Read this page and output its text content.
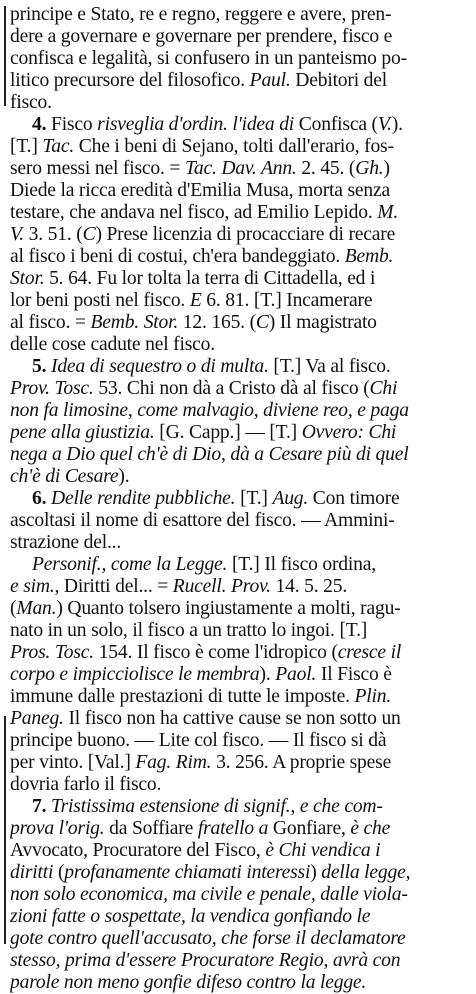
principe e Stato, re e regno, reggere e avere, pren-
dere a governare e governare per prendere, fisco e
confisca e legalità, si confusero in un panteismo po-
litico precursore del filosofico. Paul. Debitori del
fisco.
4. Fisco risveglia d'ordin. l'idea di Confisca (V.).
[T.] Tac. Che i beni di Sejano, tolti dall'erario, fos-
sero messi nel fisco. = Tac. Dav. Ann. 2. 45. (Gh.)
Diede la ricca eredità d'Emilia Musa, morta senza
testare, che andava nel fisco, ad Emilio Lepido. M.
V. 3. 51. (C) Prese licenzia di procacciare di recare
al fisco i beni di costui, ch'era bandeggiato. Bemb.
Stor. 5. 64. Fu lor tolta la terra di Cittadella, ed i
lor beni posti nel fisco. E 6. 81. [T.] Incamerare
al fisco. = Bemb. Stor. 12. 165. (C) Il magistrato
delle cose cadute nel fisco.
5. Idea di sequestro o di multa. [T.] Va al fisco.
Prov. Tosc. 53. Chi non dà a Cristo dà al fisco (Chi
non fa limosine, come malvagio, diviene reo, e paga
pene alla giustizia. [G. Capp.] — [T.] Ovvero: Chi
nega a Dio quel ch'è di Dio, dà a Cesare più di quel
ch'è di Cesare).
6. Delle rendite pubbliche. [T.] Aug. Con timore
ascoltasi il nome di esattore del fisco. — Ammini-
strazione del...
Personif., come la Legge. [T.] Il fisco ordina,
e sim., Diritti del... = Rucell. Prov. 14. 5. 25.
(Man.) Quanto tolsero ingiustamente a molti, ragu-
nato in un solo, il fisco a un tratto lo ingoi. [T.]
Pros. Tosc. 154. Il fisco è come l'idropico (cresce il
corpo e impicciolisce le membra). Paol. Il Fisco è
immune dalle prestazioni di tutte le imposte. Plin.
Paneg. Il fisco non ha cattive cause se non sotto un
principe buono. — Lite col fisco. — Il fisco si dà
per vinto. [Val.] Fag. Rim. 3. 256. A proprie spese
dovria farlo il fisco.
7. Tristissima estensione di signif., e che com-
prova l'orig. da Soffiare fratello a Gonfiare, è che
Avvocato, Procuratore del Fisco, è Chi vendica i
diritti (profanamente chiamati interessi) della legge,
non solo economica, ma civile e penale, dalle viola-
zioni fatte o sospettate, la vendica gonfiando le
gote contro quell'accusato, che forse il declamatore
stesso, prima d'essere Procuratore Regio, avrà con
parole non meno gonfie difeso contro la legge.
